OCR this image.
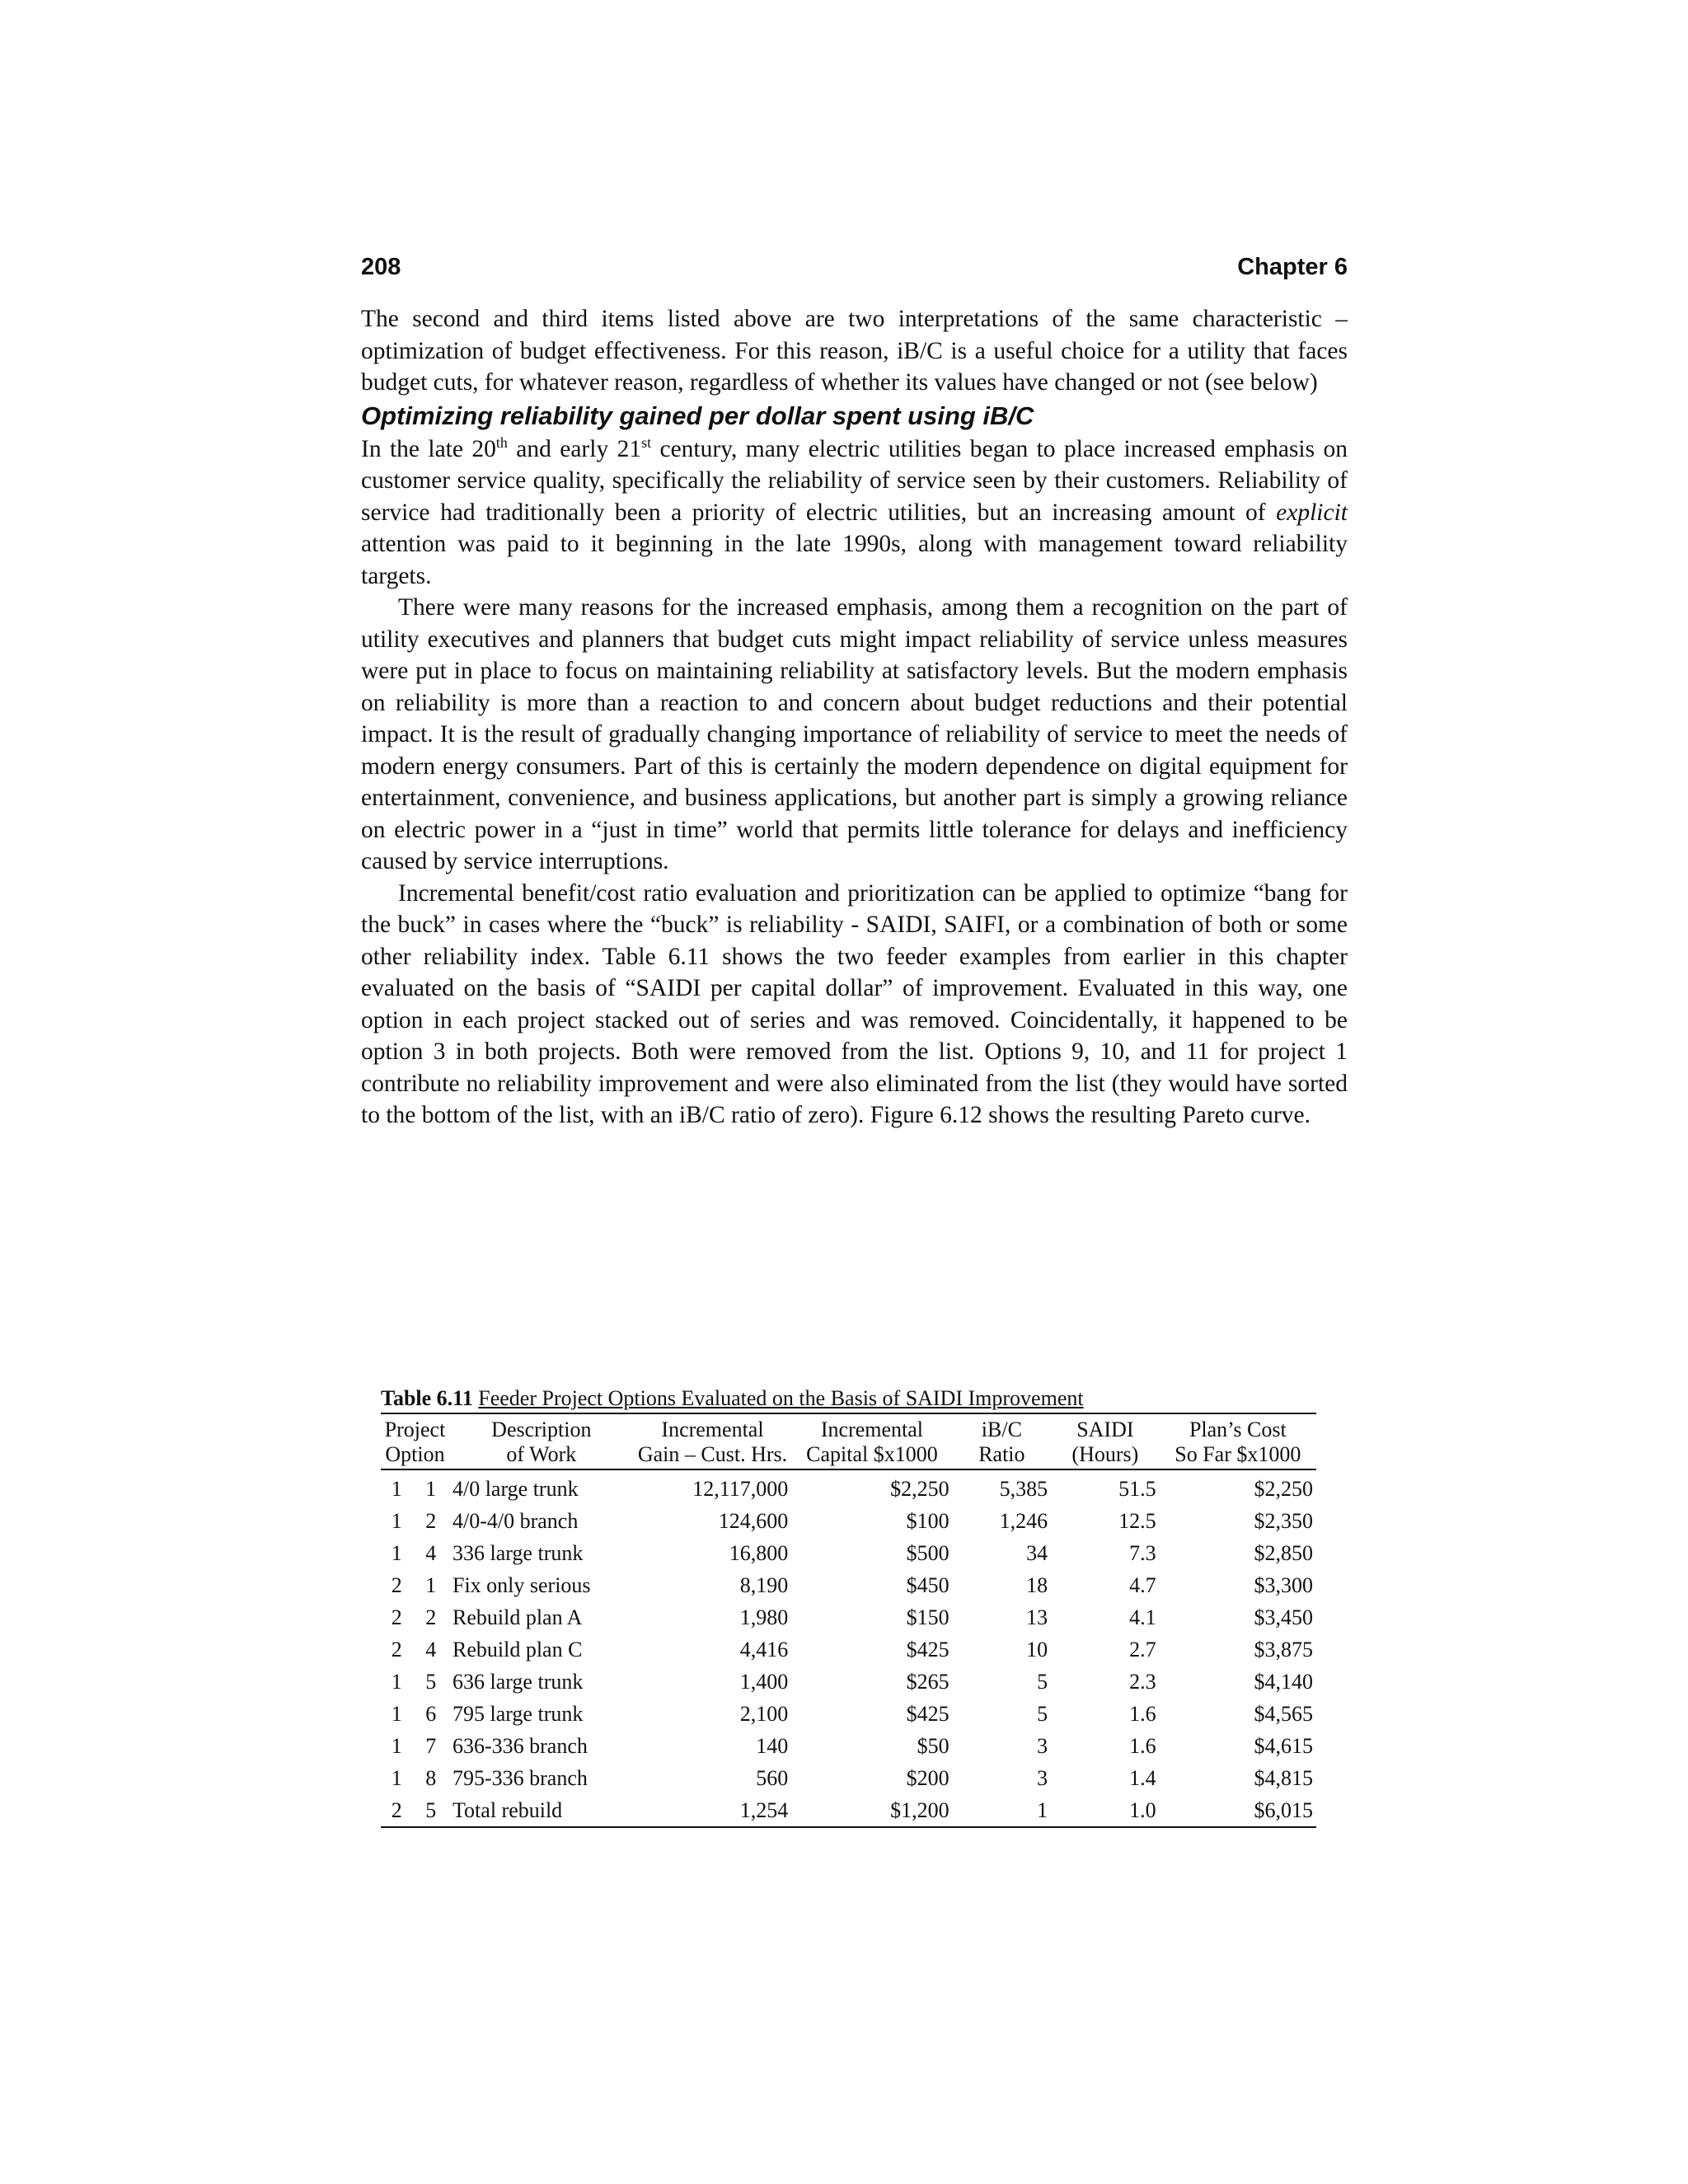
208	Chapter 6

The second and third items listed above are two interpretations of the same characteristic – optimization of budget effectiveness. For this reason, iB/C is a useful choice for a utility that faces budget cuts, for whatever reason, regardless of whether its values have changed or not (see below)

Optimizing reliability gained per dollar spent using iB/C

In the late 20th and early 21st century, many electric utilities began to place increased emphasis on customer service quality, specifically the reliability of service seen by their customers. Reliability of service had traditionally been a priority of electric utilities, but an increasing amount of explicit attention was paid to it beginning in the late 1990s, along with management toward reliability targets.

There were many reasons for the increased emphasis, among them a recognition on the part of utility executives and planners that budget cuts might impact reliability of service unless measures were put in place to focus on maintaining reliability at satisfactory levels. But the modern emphasis on reliability is more than a reaction to and concern about budget reductions and their potential impact. It is the result of gradually changing importance of reliability of service to meet the needs of modern energy consumers. Part of this is certainly the modern dependence on digital equipment for entertainment, convenience, and business applications, but another part is simply a growing reliance on electric power in a “just in time” world that permits little tolerance for delays and inefficiency caused by service interruptions.

Incremental benefit/cost ratio evaluation and prioritization can be applied to optimize “bang for the buck” in cases where the “buck” is reliability - SAIDI, SAIFI, or a combination of both or some other reliability index. Table 6.11 shows the two feeder examples from earlier in this chapter evaluated on the basis of “SAIDI per capital dollar” of improvement. Evaluated in this way, one option in each project stacked out of series and was removed. Coincidentally, it happened to be option 3 in both projects. Both were removed from the list. Options 9, 10, and 11 for project 1 contribute no reliability improvement and were also eliminated from the list (they would have sorted to the bottom of the list, with an iB/C ratio of zero). Figure 6.12 shows the resulting Pareto curve.

Table 6.11 Feeder Project Options Evaluated on the Basis of SAIDI Improvement
Project		Description	Incremental	Incremental	iB/C	SAIDI	Plan’s Cost
Option		of Work	Gain – Cust. Hrs.	Capital $x1000	Ratio	(Hours)	So Far $x1000
1	1	4/0 large trunk	12,117,000	$2,250	5,385	51.5	$2,250
1	2	4/0-4/0 branch	124,600	$100	1,246	12.5	$2,350
1	4	336 large trunk	16,800	$500	34	7.3	$2,850
2	1	Fix only serious	8,190	$450	18	4.7	$3,300
2	2	Rebuild plan A	1,980	$150	13	4.1	$3,450
2	4	Rebuild plan C	4,416	$425	10	2.7	$3,875
1	5	636 large trunk	1,400	$265	5	2.3	$4,140
1	6	795 large trunk	2,100	$425	5	1.6	$4,565
1	7	636-336 branch	140	$50	3	1.6	$4,615
1	8	795-336 branch	560	$200	3	1.4	$4,815
2	5	Total rebuild	1,254	$1,200	1	1.0	$6,015
